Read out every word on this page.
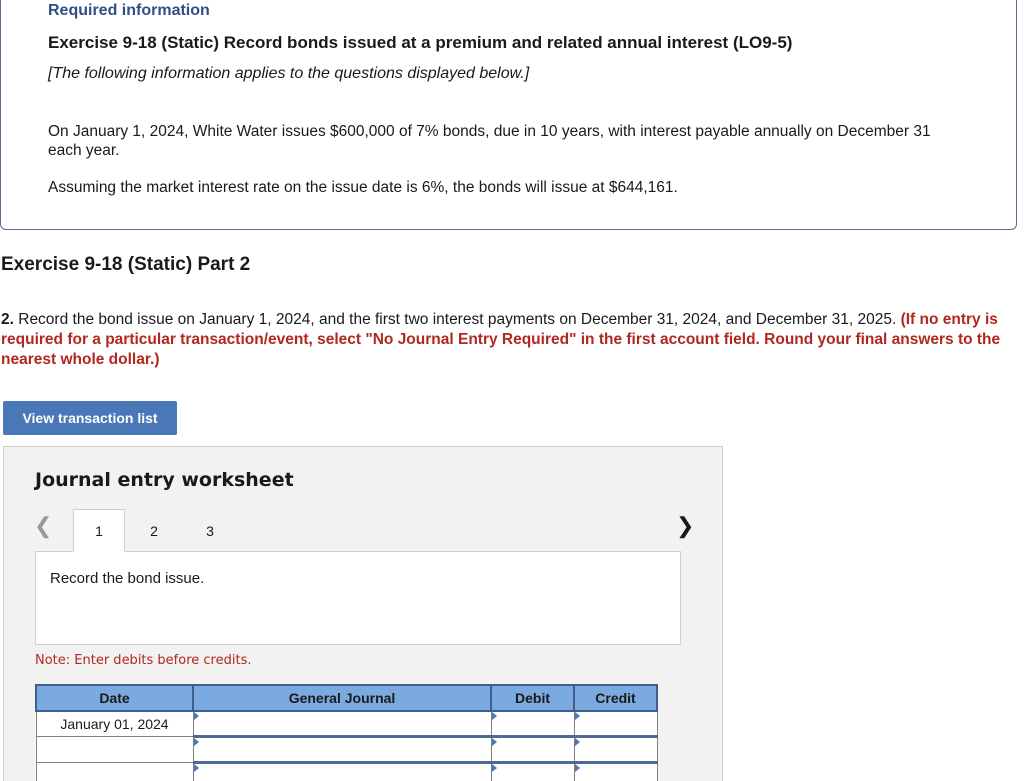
Required information
Exercise 9-18 (Static) Record bonds issued at a premium and related annual interest (LO9-5)
[The following information applies to the questions displayed below.]
On January 1, 2024, White Water issues $600,000 of 7% bonds, due in 10 years, with interest payable annually on December 31 each year.
Assuming the market interest rate on the issue date is 6%, the bonds will issue at $644,161.
Exercise 9-18 (Static) Part 2
2. Record the bond issue on January 1, 2024, and the first two interest payments on December 31, 2024, and December 31, 2025. (If no entry is required for a particular transaction/event, select "No Journal Entry Required" in the first account field. Round your final answers to the nearest whole dollar.)
View transaction list
Journal entry worksheet
❮	❯
1	2	3
Record the bond issue.
Note: Enter debits before credits.
Date	General Journal	Debit	Credit
January 01, 2024			
